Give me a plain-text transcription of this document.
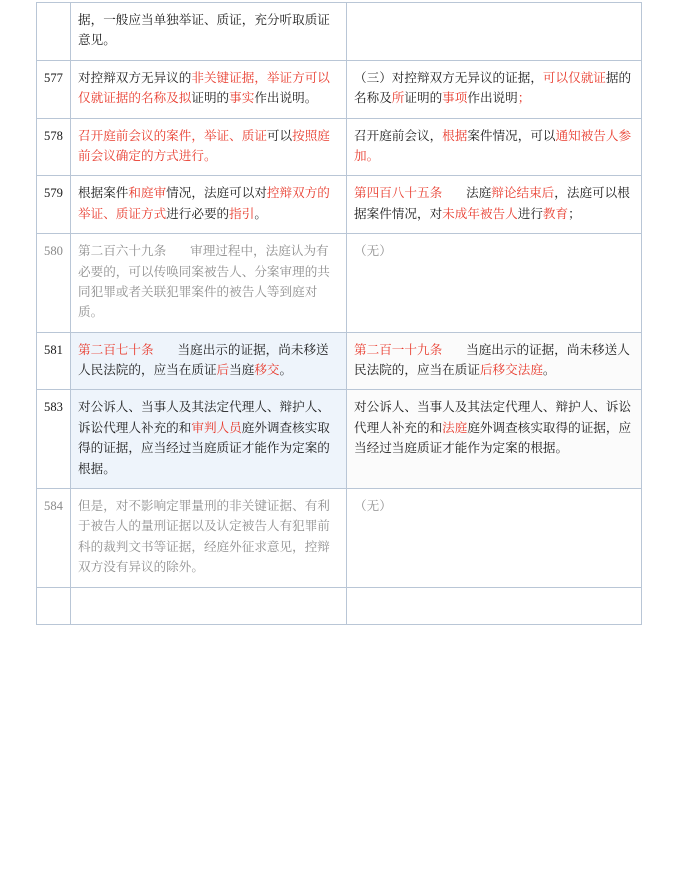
	据，一般应当单独举证、质证，充分听取质证意见。	
577	对控辩双方无异议的非关键证据，举证方可以仅就证据的名称及拟证明的事实作出说明。	（三）对控辩双方无异议的证据，可以仅就证据的名称及所证明的事项作出说明；
578	召开庭前会议的案件，举证、质证可以按照庭前会议确定的方式进行。	召开庭前会议，根据案件情况，可以通知被告人参加。
579	根据案件和庭审情况，法庭可以对控辩双方的举证、质证方式进行必要的指引。	第四百八十五条 法庭辩论结束后，法庭可以根据案件情况，对未成年被告人进行教育；
580	第二百六十九条 审理过程中，法庭认为有必要的，可以传唤同案被告人、分案审理的共同犯罪或者关联犯罪案件的被告人等到庭对质。	（无）
581	第二百七十条 当庭出示的证据，尚未移送人民法院的，应当在质证后当庭移交。	第二百一十九条 当庭出示的证据，尚未移送人民法院的，应当在质证后移交法庭。
583	对公诉人、当事人及其法定代理人、辩护人、诉讼代理人补充的和审判人员庭外调查核实取得的证据，应当经过当庭质证才能作为定案的根据。	对公诉人、当事人及其法定代理人、辩护人、诉讼代理人补充的和法庭庭外调查核实取得的证据，应当经过当庭质证才能作为定案的根据。
584	但是，对不影响定罪量刑的非关键证据、有利于被告人的量刑证据以及认定被告人有犯罪前科的裁判文书等证据，经庭外征求意见，控辩双方没有异议的除外。	（无）
